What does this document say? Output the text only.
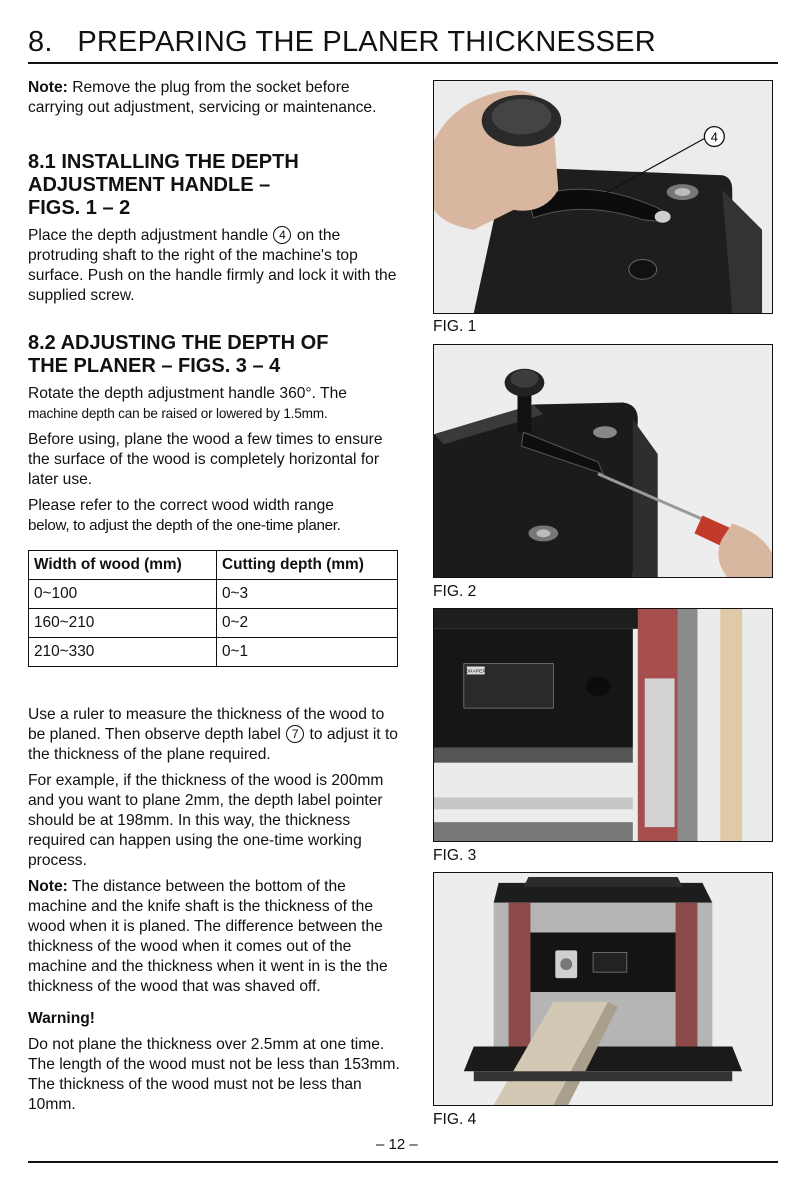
8.   PREPARING THE PLANER THICKNESSER

Note: Remove the plug from the socket before carrying out adjustment, servicing or maintenance.

8.1 INSTALLING THE DEPTH
ADJUSTMENT HANDLE –
FIGS. 1 – 2

Place the depth adjustment handle 4 on the protruding shaft to the right of the machine's top surface. Push on the handle firmly and lock it with the supplied screw.

8.2 ADJUSTING THE DEPTH OF
THE PLANER – FIGS. 3 – 4

Rotate the depth adjustment handle 360°. The
machine depth can be raised or lowered by 1.5mm.

Before using, plane the wood a few times to ensure the surface of the wood is completely horizontal for later use.

Please refer to the correct wood width range
below, to adjust the depth of the one-time planer.

Width of wood (mm)	Cutting depth (mm)
0~100	0~3
160~210	0~2
210~330	0~1

Use a ruler to measure the thickness of the wood to be planed. Then observe depth label 7 to adjust it to the thickness of the plane required.

For example, if the thickness of the wood is 200mm and you want to plane 2mm, the depth label pointer should be at 198mm. In this way, the thickness required can happen using the one-time working process.

Note: The distance between the bottom of the machine and the knife shaft is the thickness of the wood when it is planed. The difference between the thickness of the wood when it comes out of the machine and the thickness when it went in is the the thickness of the wood that was shaved off.

Warning!

Do not plane the thickness over 2.5mm at one time. The length of the wood must not be less than 153mm. The thickness of the wood must not be less than 10mm.

4
FIG. 1
FIG. 2
DRAPER
FIG. 3
FIG. 4
– 12 –
